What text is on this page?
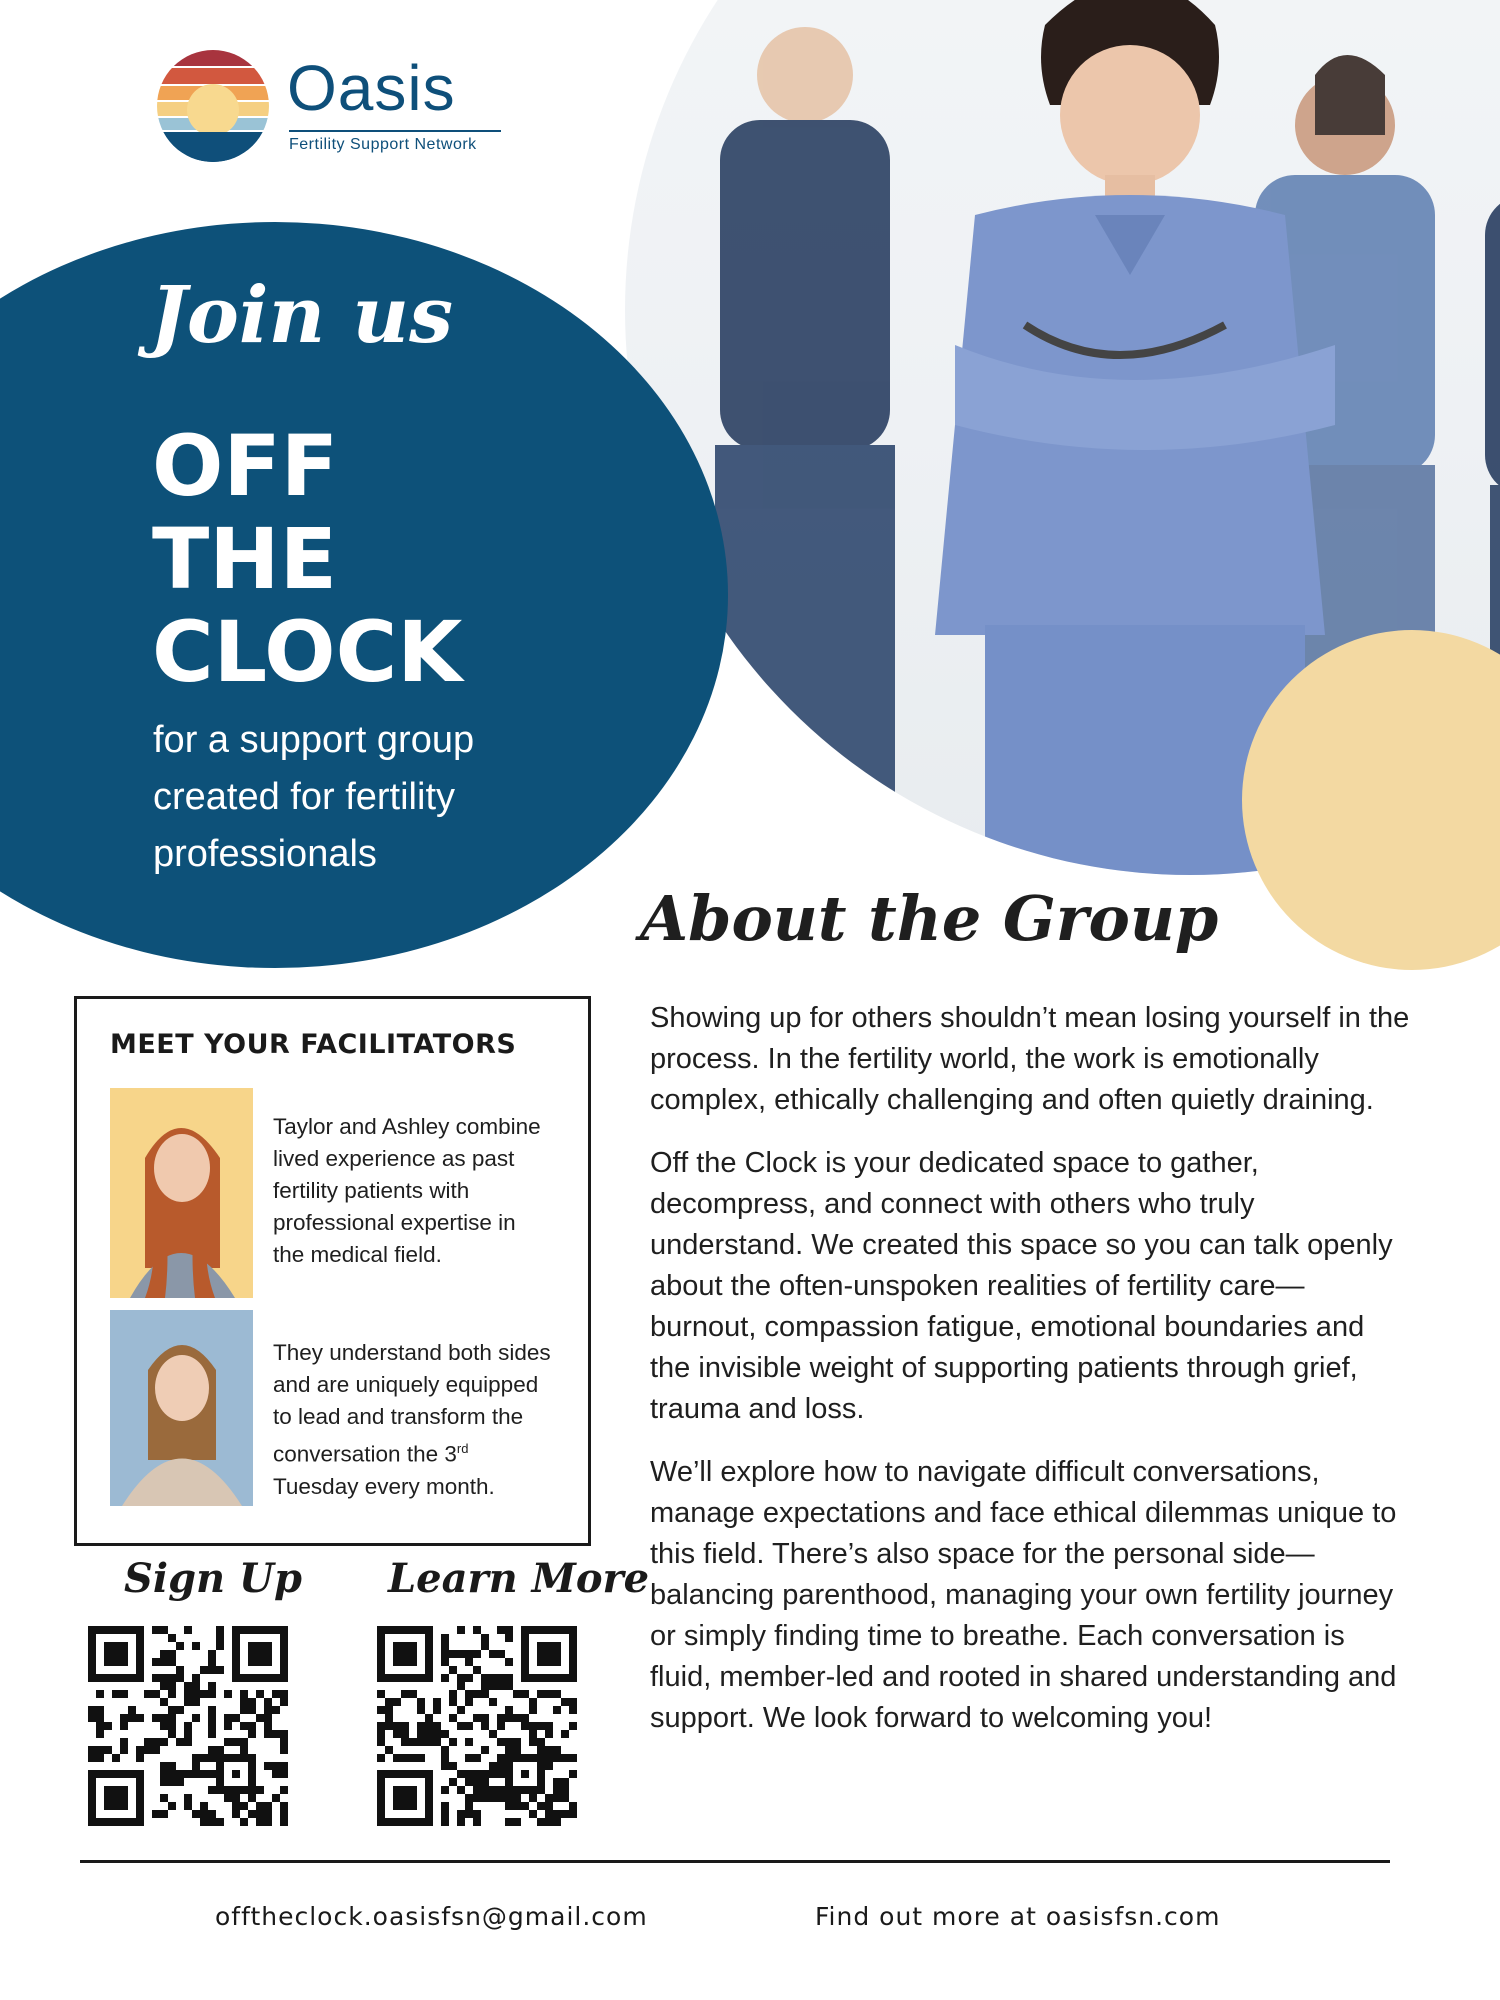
Oasis
Fertility Support Network
Join us
OFF
THE
CLOCK
for a support group
created for fertility
professionals
About the Group

Showing up for others shouldn’t mean losing yourself in the process. In the fertility world, the work is emotionally complex, ethically challenging and often quietly draining.

Off the Clock is your dedicated space to gather, decompress, and connect with others who truly understand. We created this space so you can talk openly about the often-unspoken realities of fertility care—burnout, compassion fatigue, emotional boundaries and the invisible weight of supporting patients through grief, trauma and loss.

We’ll explore how to navigate difficult conversations, manage expectations and face ethical dilemmas unique to this field. There’s also space for the personal side—balancing parenthood, managing your own fertility journey or simply finding time to breathe. Each conversation is fluid, member-led and rooted in shared understanding and support. We look forward to welcoming you!

MEET YOUR FACILITATORS
Taylor and Ashley combine lived experience as past fertility patients with professional expertise in the medical field.
They understand both sides and are uniquely equipped to lead and transform the conversation the 3rd Tuesday every month.
Sign Up Learn More
offtheclock.oasisfsn@gmail.com	Find out more at oasisfsn.com
